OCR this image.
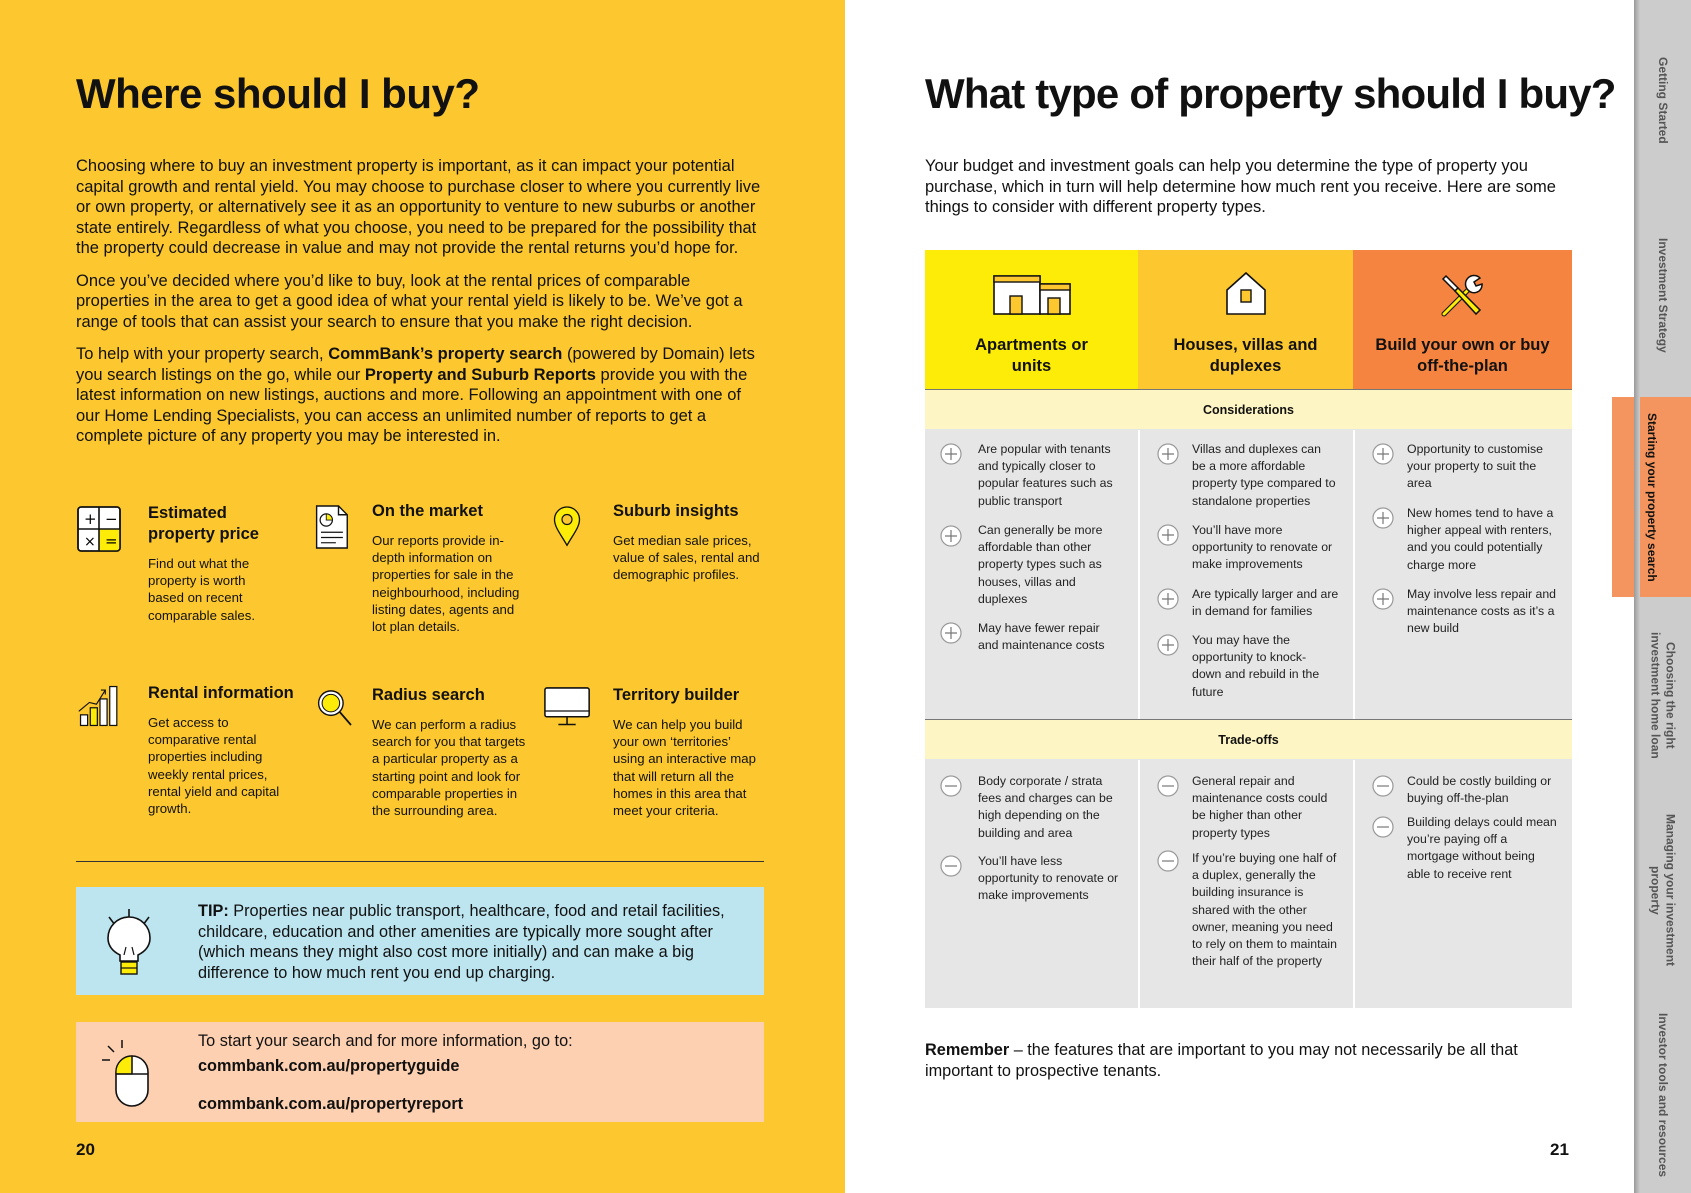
Where should I buy?

Choosing where to buy an investment property is important, as it can impact your potential capital growth and rental yield. You may choose to purchase closer to where you currently live or own property, or alternatively see it as an opportunity to venture to new suburbs or another state entirely. Regardless of what you choose, you need to be prepared for the possibility that the property could decrease in value and may not provide the rental returns you’d hope for.

Once you’ve decided where you’d like to buy, look at the rental prices of comparable properties in the area to get a good idea of what your rental yield is likely to be. We’ve got a range of tools that can assist your search to ensure that you make the right decision.

To help with your property search, CommBank’s property search (powered by Domain) lets you search listings on the go, while our Property and Suburb Reports provide you with the latest information on new listings, auctions and more. Following an appointment with one of our Home Lending Specialists, you can access an unlimited number of reports to get a complete picture of any property you may be interested in.

+ −
× =
Estimated property price
Find out what the property is worth based on recent comparable sales.
On the market
Our reports provide in-depth information on properties for sale in the neighbourhood, including listing dates, agents and lot plan details.
Suburb insights
Get median sale prices, value of sales, rental and demographic profiles.
Rental information
Get access to comparative rental properties including weekly rental prices, rental yield and capital growth.
Radius search
We can perform a radius search for you that targets a particular property as a starting point and look for comparable properties in the surrounding area.
Territory builder
We can help you build your own ‘territories’ using an interactive map that will return all the homes in this area that meet your criteria.
TIP: Properties near public transport, healthcare, food and retail facilities, childcare, education and other amenities are typically more sought after (which means they might also cost more initially) and can make a big difference to how much rent you end up charging.
To start your search and for more information, go to:
commbank.com.au/propertyguide
commbank.com.au/propertyreport
20
What type of property should I buy?
Your budget and investment goals can help you determine the type of property you purchase, which in turn will help determine how much rent you receive. Here are some things to consider with different property types.
Apartments or units
Houses, villas and duplexes
Build your own or buy off-the-plan
Considerations
Trade-offs
Are popular with tenants and typically closer to popular features such as public transport
Can generally be more affordable than other property types such as houses, villas and duplexes
May have fewer repair and maintenance costs
Villas and duplexes can be a more affordable property type compared to standalone properties
You’ll have more opportunity to renovate or make improvements
Are typically larger and are in demand for families
You may have the opportunity to knock-down and rebuild in the future
Opportunity to customise your property to suit the area
New homes tend to have a higher appeal with renters, and you could potentially charge more
May involve less repair and maintenance costs as it’s a new build
Body corporate / strata fees and charges can be high depending on the building and area
You’ll have less opportunity to renovate or make improvements
General repair and maintenance costs could be higher than other property types
If you’re buying one half of a duplex, generally the building insurance is shared with the other owner, meaning you need to rely on them to maintain their half of the property
Could be costly building or buying off-the-plan
Building delays could mean you’re paying off a mortgage without being able to receive rent
Remember – the features that are important to you may not necessarily be all that important to prospective tenants.
21
Getting Started
Investment Strategy
Starting your property search
Choosing the right investment home loan
Managing your investment property
Investor tools and resources
